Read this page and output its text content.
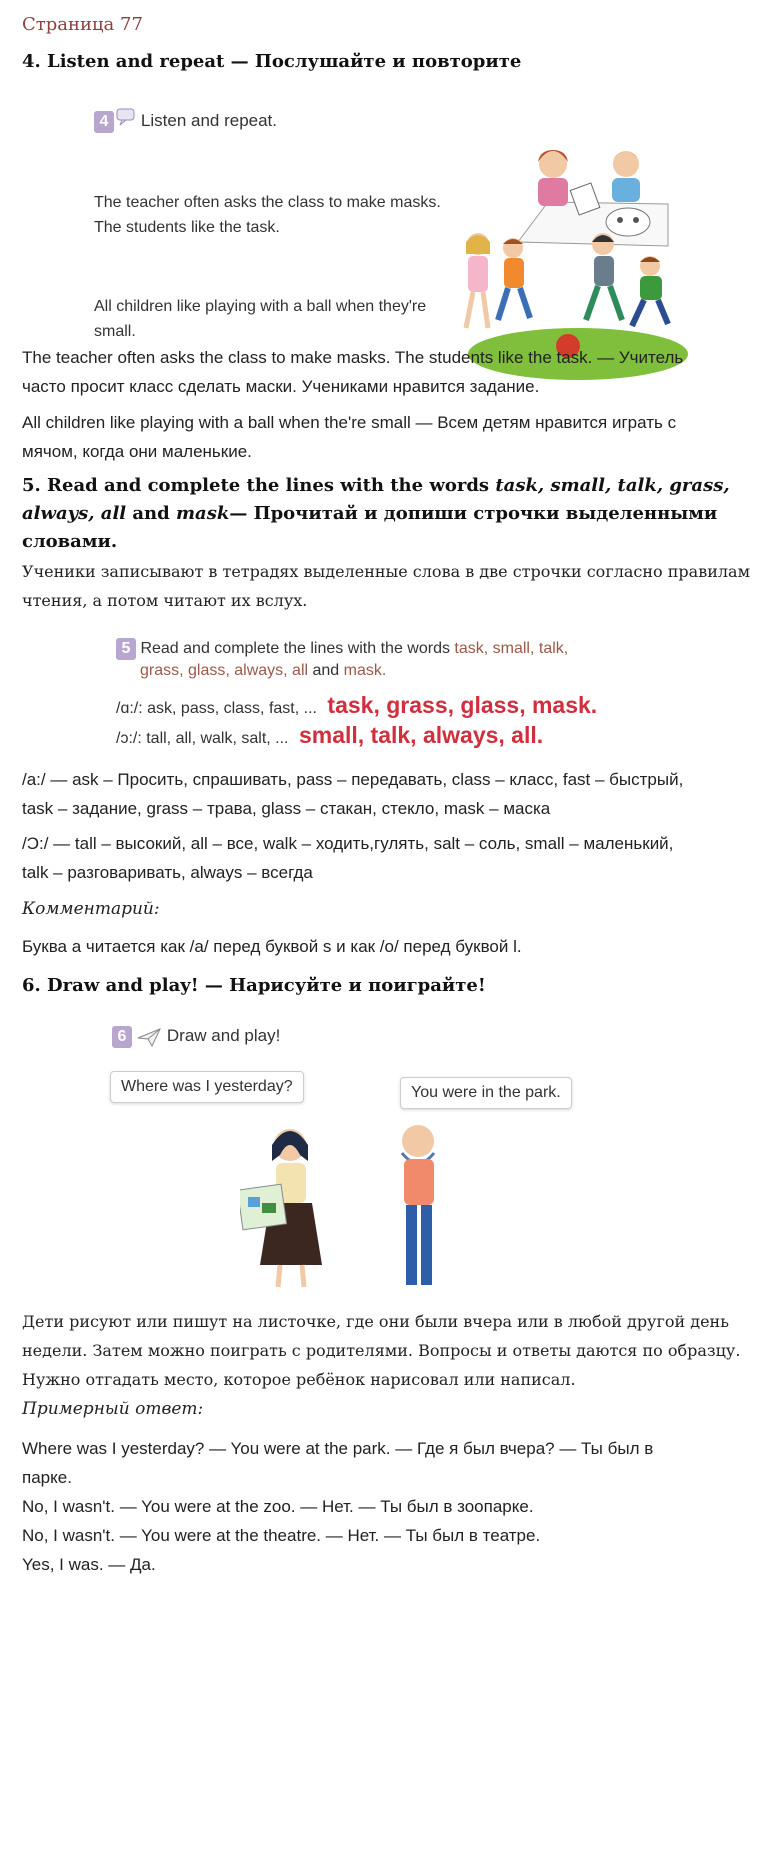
Страница 77
4. Listen and repeat — Послушайте и повторите
4 Listen and repeat.
The teacher often asks the class to make masks.
The students like the task.
All children like playing with a ball when they're
small.
The teacher often asks the class to make masks. The students like the task. — Учитель
часто просит класс сделать маски. Учениками нравится задание.
All children like playing with a ball when the're small — Всем детям нравится играть с
мячом, когда они маленькие.
5. Read and complete the lines with the words task, small, talk, grass,
always, all and mask— Прочитай и допиши строчки выделенными
словами.
Ученики записывают в тетрадях выделенные слова в две строчки согласно правилам
чтения, а потом читают их вслух.
5 Read and complete the lines with the words task, small, talk,
grass, glass, always, all and mask.
/ɑ:/: ask, pass, class, fast, ... task, grass, glass, mask.
/ɔ:/: tall, all, walk, salt, ... small, talk, always, all.
/a:/ — ask – Просить, спрашивать, pass – передавать, class – класс, fast – быстрый,
task – задание, grass – трава, glass – стакан, стекло, mask – маска
/Ɔ:/ — tall – высокий, all – все, walk – ходить,гулять, salt – соль, small – маленький,
talk – разговаривать, always – всегда
Комментарий:
Буква a читается как /a/ перед буквой s и как /o/ перед буквой l.
6. Draw and play! — Нарисуйте и поиграйте!
6 Draw and play!
Where was I yesterday?	You were in the park.
Дети рисуют или пишут на листочке, где они были вчера или в любой другой день
недели. Затем можно поиграть с родителями. Вопросы и ответы даются по образцу.
Нужно отгадать место, которое ребёнок нарисовал или написал.
Примерный ответ:
Where was I yesterday? — You were at the park. — Где я был вчера? — Ты был в
парке.
No, I wasn't. — You were at the zoo. — Нет. — Ты был в зоопарке.
No, I wasn't. — You were at the theatre. — Нет. — Ты был в театре.
Yes, I was. — Да.
